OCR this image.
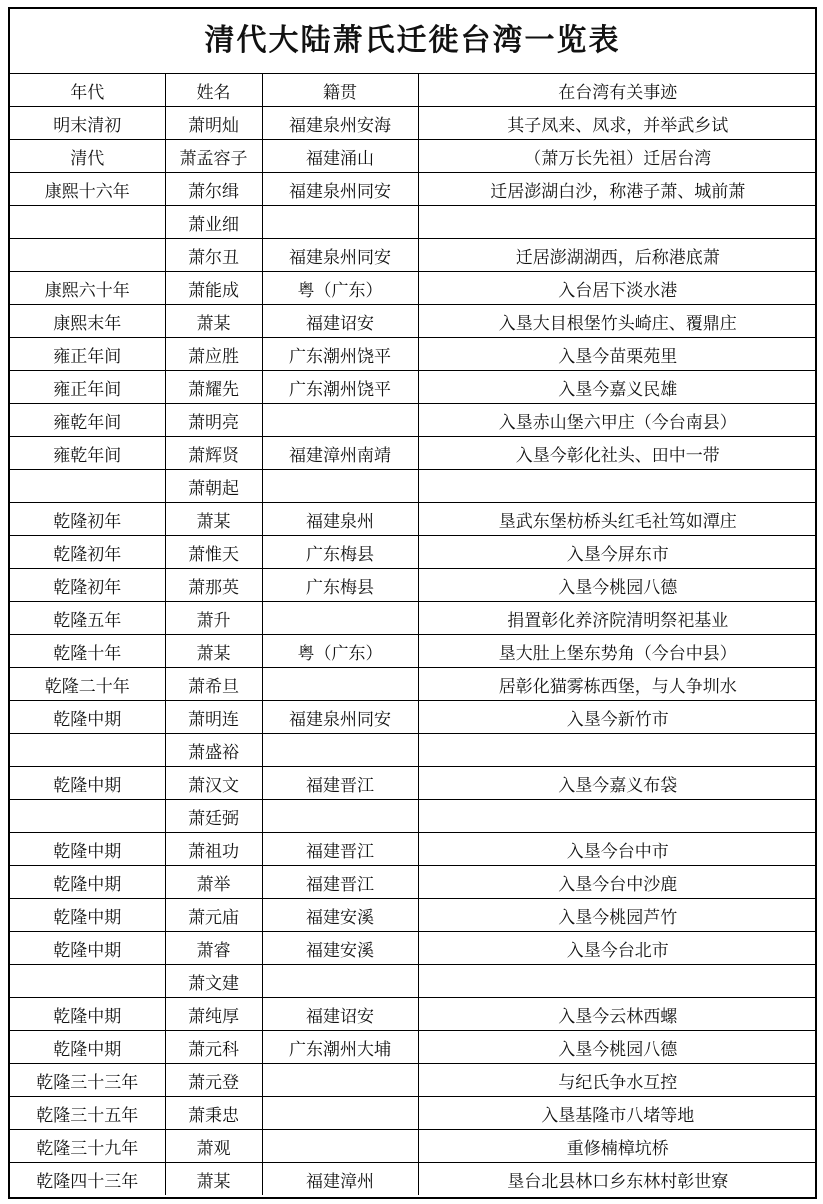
清代大陆萧氏迁徙台湾一览表
年代	姓名	籍贯	在台湾有关事迹
明末清初	萧明灿	福建泉州安海	其子凤来、凤求，并举武乡试
清代	萧孟容子	福建涌山	（萧万长先祖）迁居台湾
康熙十六年	萧尔缉	福建泉州同安	迁居澎湖白沙，称港子萧、城前萧
	萧业细		
	萧尔丑	福建泉州同安	迁居澎湖湖西，后称港底萧
康熙六十年	萧能成	粤（广东）	入台居下淡水港
康熙末年	萧某	福建诏安	入垦大目根堡竹头崎庄、覆鼎庄
雍正年间	萧应胜	广东潮州饶平	入垦今苗栗苑里
雍正年间	萧耀先	广东潮州饶平	入垦今嘉义民雄
雍乾年间	萧明亮		入垦赤山堡六甲庄（今台南县）
雍乾年间	萧辉贤	福建漳州南靖	入垦今彰化社头、田中一带
	萧朝起		
乾隆初年	萧某	福建泉州	垦武东堡枋桥头红毛社笃如潭庄
乾隆初年	萧惟天	广东梅县	入垦今屏东市
乾隆初年	萧那英	广东梅县	入垦今桃园八德
乾隆五年	萧升		捐置彰化养济院清明祭祀基业
乾隆十年	萧某	粤（广东）	垦大肚上堡东势角（今台中县）
乾隆二十年	萧希旦		居彰化猫雾栋西堡，与人争圳水
乾隆中期	萧明连	福建泉州同安	入垦今新竹市
	萧盛裕		
乾隆中期	萧汉文	福建晋江	入垦今嘉义布袋
	萧廷弼		
乾隆中期	萧祖功	福建晋江	入垦今台中市
乾隆中期	萧举	福建晋江	入垦今台中沙鹿
乾隆中期	萧元庙	福建安溪	入垦今桃园芦竹
乾隆中期	萧睿	福建安溪	入垦今台北市
	萧文建		
乾隆中期	萧纯厚	福建诏安	入垦今云林西螺
乾隆中期	萧元科	广东潮州大埔	入垦今桃园八德
乾隆三十三年	萧元登		与纪氏争水互控
乾隆三十五年	萧秉忠		入垦基隆市八堵等地
乾隆三十九年	萧观		重修楠樟坑桥
乾隆四十三年	萧某	福建漳州	垦台北县林口乡东林村彰世寮
